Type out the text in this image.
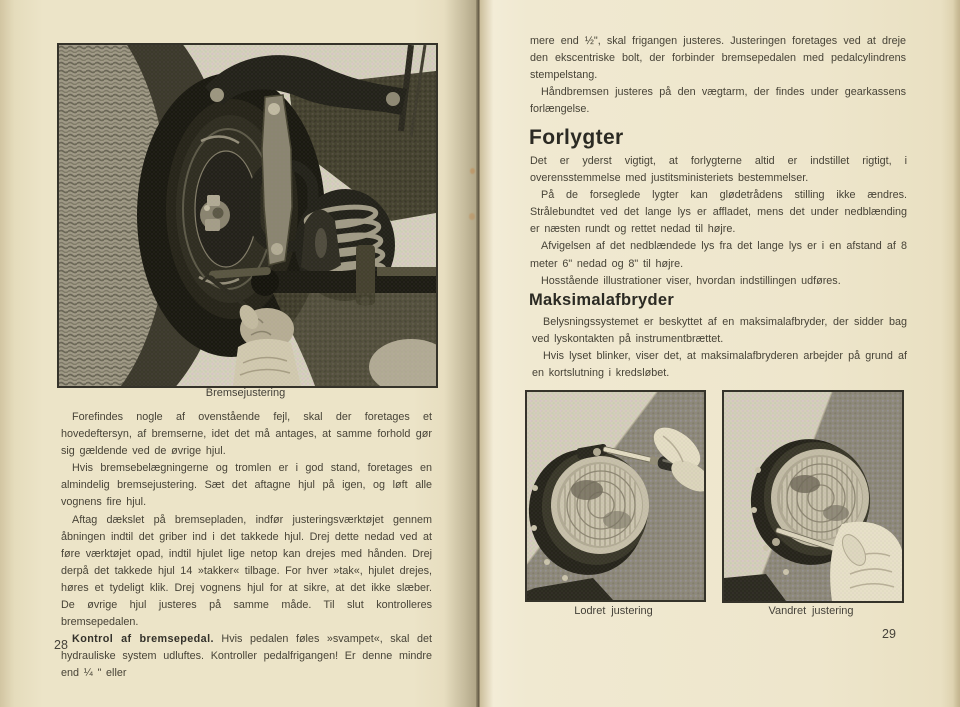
Bremsejustering

Forefindes nogle af ovenstående fejl, skal der foretages et hovedeftersyn, af bremserne, idet det må antages, at samme forhold gør sig gældende ved de øvrige hjul.

Hvis bremsebelægningerne og tromlen er i god stand, foretages en almindelig bremsejustering. Sæt det aftagne hjul på igen, og løft alle vognens fire hjul.

Aftag dækslet på bremsepladen, indfør justeringsværktøjet gennem åbningen indtil det griber ind i det takkede hjul. Drej dette nedad ved at føre værktøjet opad, indtil hjulet lige netop kan drejes med hånden. Drej derpå det takkede hjul 14 »takker« tilbage. For hver »tak«, hjulet drejes, høres et tydeligt klik. Drej vognens hjul for at sikre, at det ikke slæber. De øvrige hjul justeres på samme måde. Til slut kontrolleres bremsepedalen.

Kontrol af bremsepedal. Hvis pedalen føles »svampet«, skal det hydrauliske system udluftes. Kontroller pedalfrigangen! Er denne mindre end ¼ " eller

28

mere end ½", skal frigangen justeres. Justeringen foretages ved at dreje den ekscentriske bolt, der forbinder bremsepedalen med pedalcylindrens stempelstang.

Håndbremsen justeres på den vægtarm, der findes under gearkassens forlængelse.

Forlygter

Det er yderst vigtigt, at forlygterne altid er indstillet rigtigt, i overensstemmelse med justitsministeriets bestemmelser.

På de forseglede lygter kan glødetrådens stilling ikke ændres. Strålebundtet ved det lange lys er affladet, mens det under nedblænding er næsten rundt og rettet nedad til højre.

Afvigelsen af det nedblændede lys fra det lange lys er i en afstand af 8 meter 6" nedad og 8" til højre.

Hosstående illustrationer viser, hvordan indstillingen udføres.

Maksimalafbryder

Belysningssystemet er beskyttet af en maksimalafbryder, der sidder bag ved lyskontakten på instrumentbrættet.

Hvis lyset blinker, viser det, at maksimalafbryderen arbejder på grund af en kortslutning i kredsløbet.

Lodret justering	Vandret justering
29
